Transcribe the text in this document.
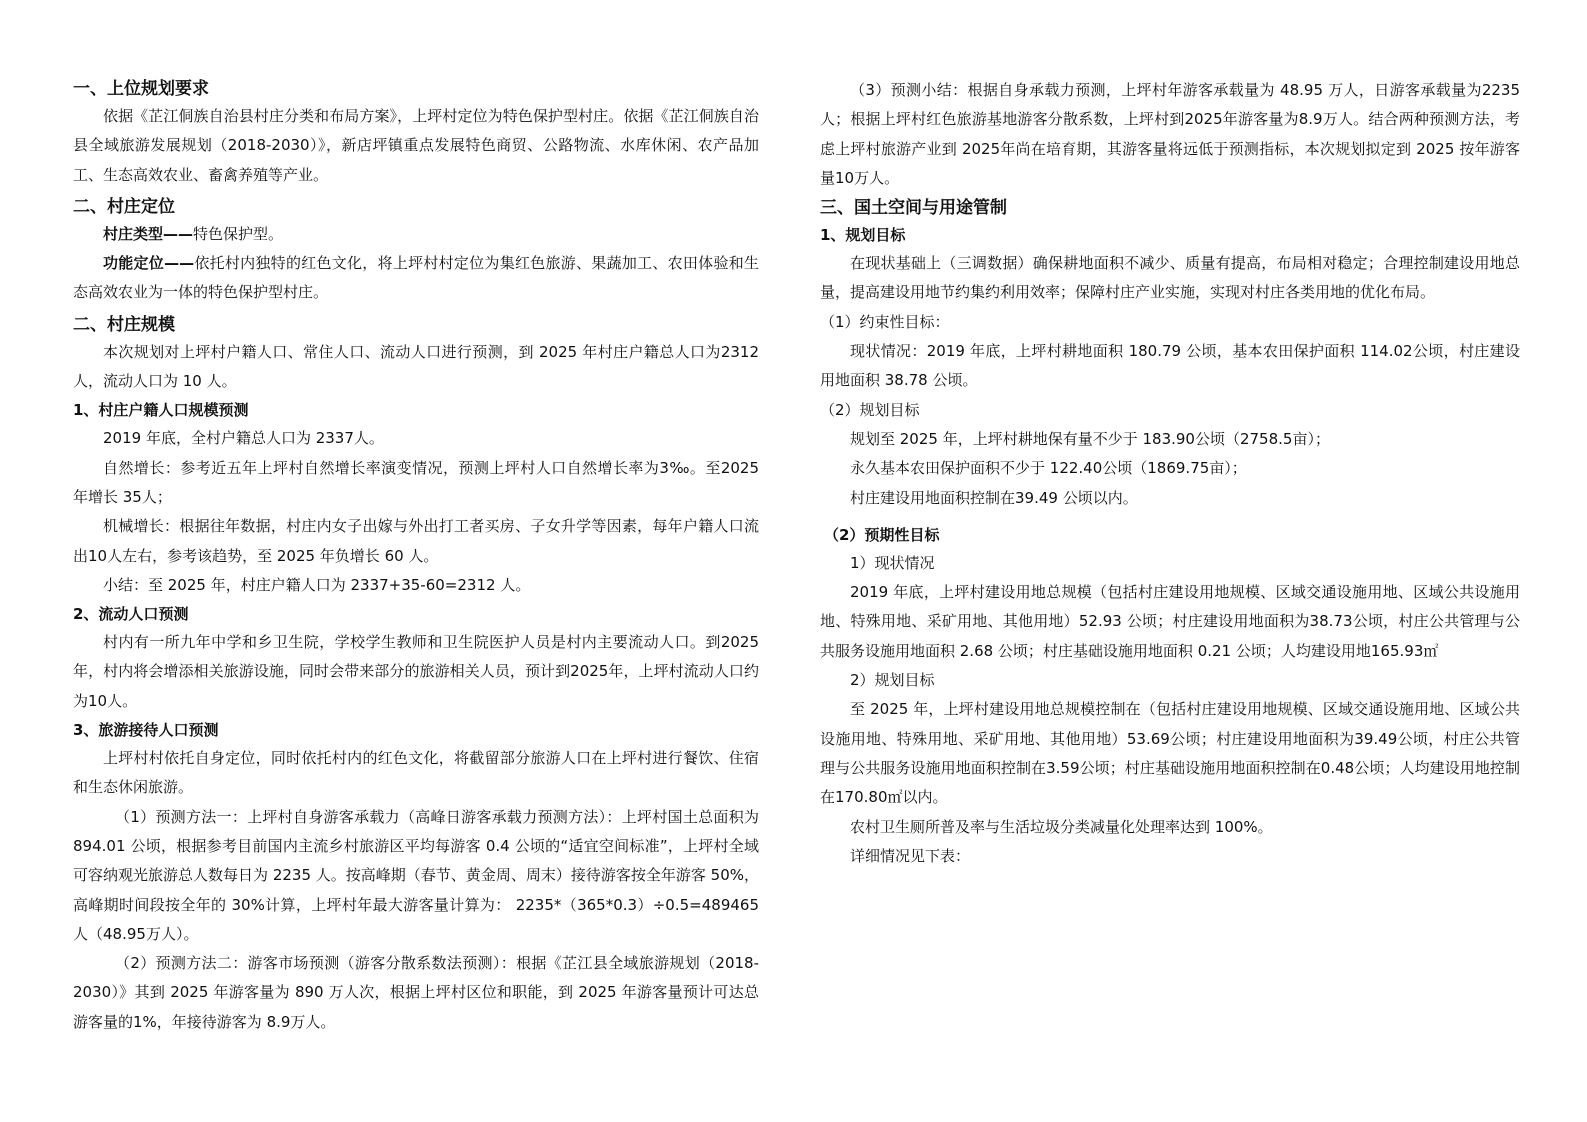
一、上位规划要求

依据《芷江侗族自治县村庄分类和布局方案》，上坪村定位为特色保护型村庄。依据《芷江侗族自治县全域旅游发展规划（2018-2030）》，新店坪镇重点发展特色商贸、公路物流、水库休闲、农产品加工、生态高效农业、畜禽养殖等产业。

二、村庄定位

村庄类型——特色保护型。

功能定位——依托村内独特的红色文化，将上坪村村定位为集红色旅游、果蔬加工、农田体验和生态高效农业为一体的特色保护型村庄。

二、村庄规模

本次规划对上坪村户籍人口、常住人口、流动人口进行预测，到 2025 年村庄户籍总人口为2312人，流动人口为 10 人。

1、村庄户籍人口规模预测

2019 年底，全村户籍总人口为 2337人。

自然增长：参考近五年上坪村自然增长率演变情况，预测上坪村人口自然增长率为3‰。至2025 年增长 35人；

机械增长：根据往年数据，村庄内女子出嫁与外出打工者买房、子女升学等因素，每年户籍人口流出10人左右，参考该趋势，至 2025 年负增长 60 人。

小结：至 2025 年，村庄户籍人口为 2337+35-60=2312 人。

2、流动人口预测

村内有一所九年中学和乡卫生院，学校学生教师和卫生院医护人员是村内主要流动人口。到2025年，村内将会增添相关旅游设施，同时会带来部分的旅游相关人员，预计到2025年，上坪村流动人口约为10人。

3、旅游接待人口预测

上坪村村依托自身定位，同时依托村内的红色文化，将截留部分旅游人口在上坪村进行餐饮、住宿和生态休闲旅游。

（1）预测方法一：上坪村自身游客承载力（高峰日游客承载力预测方法）：上坪村国土总面积为 894.01 公顷，根据参考目前国内主流乡村旅游区平均每游客 0.4 公顷的“适宜空间标准”，上坪村全域可容纳观光旅游总人数每日为 2235 人。按高峰期（春节、黄金周、周末）接待游客按全年游客 50%，高峰期时间段按全年的 30%计算，上坪村年最大游客量计算为： 2235*（365*0.3）÷0.5=489465 人（48.95万人）。

（2）预测方法二：游客市场预测（游客分散系数法预测）：根据《芷江县全域旅游规划（2018-2030）》其到 2025 年游客量为 890 万人次，根据上坪村区位和职能，到 2025 年游客量预计可达总游客量的1%，年接待游客为 8.9万人。

（3）预测小结：根据自身承载力预测，上坪村年游客承载量为 48.95 万人，日游客承载量为2235人；根据上坪村红色旅游基地游客分散系数，上坪村到2025年游客量为8.9万人。结合两种预测方法，考虑上坪村旅游产业到 2025年尚在培育期，其游客量将远低于预测指标，本次规划拟定到 2025 按年游客量10万人。

三、国土空间与用途管制

1、规划目标

在现状基础上（三调数据）确保耕地面积不减少、质量有提高，布局相对稳定；合理控制建设用地总量，提高建设用地节约集约利用效率；保障村庄产业实施，实现对村庄各类用地的优化布局。

（1）约束性目标：

现状情况：2019 年底，上坪村耕地面积 180.79 公顷，基本农田保护面积 114.02公顷，村庄建设用地面积 38.78 公顷。

（2）规划目标

规划至 2025 年，上坪村耕地保有量不少于 183.90公顷（2758.5亩）；

永久基本农田保护面积不少于 122.40公顷（1869.75亩）；

村庄建设用地面积控制在39.49 公顷以内。

（2）预期性目标

1）现状情况

2019 年底，上坪村建设用地总规模（包括村庄建设用地规模、区域交通设施用地、区域公共设施用地、特殊用地、采矿用地、其他用地）52.93 公顷；村庄建设用地面积为38.73公顷，村庄公共管理与公共服务设施用地面积 2.68 公顷；村庄基础设施用地面积 0.21 公顷；人均建设用地165.93㎡

2）规划目标

至 2025 年，上坪村建设用地总规模控制在（包括村庄建设用地规模、区域交通设施用地、区域公共设施用地、特殊用地、采矿用地、其他用地）53.69公顷；村庄建设用地面积为39.49公顷，村庄公共管理与公共服务设施用地面积控制在3.59公顷；村庄基础设施用地面积控制在0.48公顷；人均建设用地控制在170.80㎡以内。

农村卫生厕所普及率与生活垃圾分类减量化处理率达到 100%。

详细情况见下表：
